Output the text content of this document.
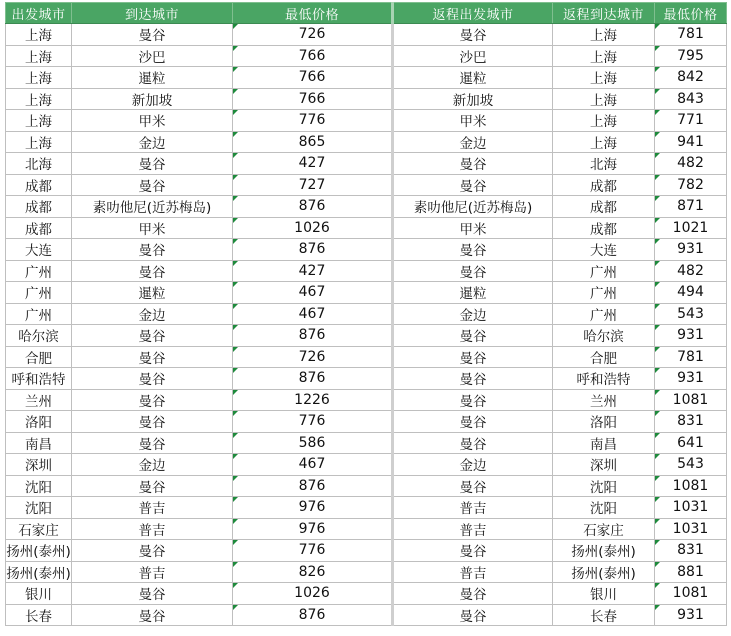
出发城市	到达城市	最低价格	返程出发城市	返程到达城市	最低价格
上海	曼谷	726	曼谷	上海	781
上海	沙巴	766	沙巴	上海	795
上海	暹粒	766	暹粒	上海	842
上海	新加坡	766	新加坡	上海	843
上海	甲米	776	甲米	上海	771
上海	金边	865	金边	上海	941
北海	曼谷	427	曼谷	北海	482
成都	曼谷	727	曼谷	成都	782
成都	素叻他尼(近苏梅岛)	876	素叻他尼(近苏梅岛)	成都	871
成都	甲米	1026	甲米	成都	1021
大连	曼谷	876	曼谷	大连	931
广州	曼谷	427	曼谷	广州	482
广州	暹粒	467	暹粒	广州	494
广州	金边	467	金边	广州	543
哈尔滨	曼谷	876	曼谷	哈尔滨	931
合肥	曼谷	726	曼谷	合肥	781
呼和浩特	曼谷	876	曼谷	呼和浩特	931
兰州	曼谷	1226	曼谷	兰州	1081
洛阳	曼谷	776	曼谷	洛阳	831
南昌	曼谷	586	曼谷	南昌	641
深圳	金边	467	金边	深圳	543
沈阳	曼谷	876	曼谷	沈阳	1081
沈阳	普吉	976	普吉	沈阳	1031
石家庄	普吉	976	普吉	石家庄	1031
扬州(泰州)	曼谷	776	曼谷	扬州(泰州)	831
扬州(泰州)	普吉	826	普吉	扬州(泰州)	881
银川	曼谷	1026	曼谷	银川	1081
长春	曼谷	876	曼谷	长春	931
